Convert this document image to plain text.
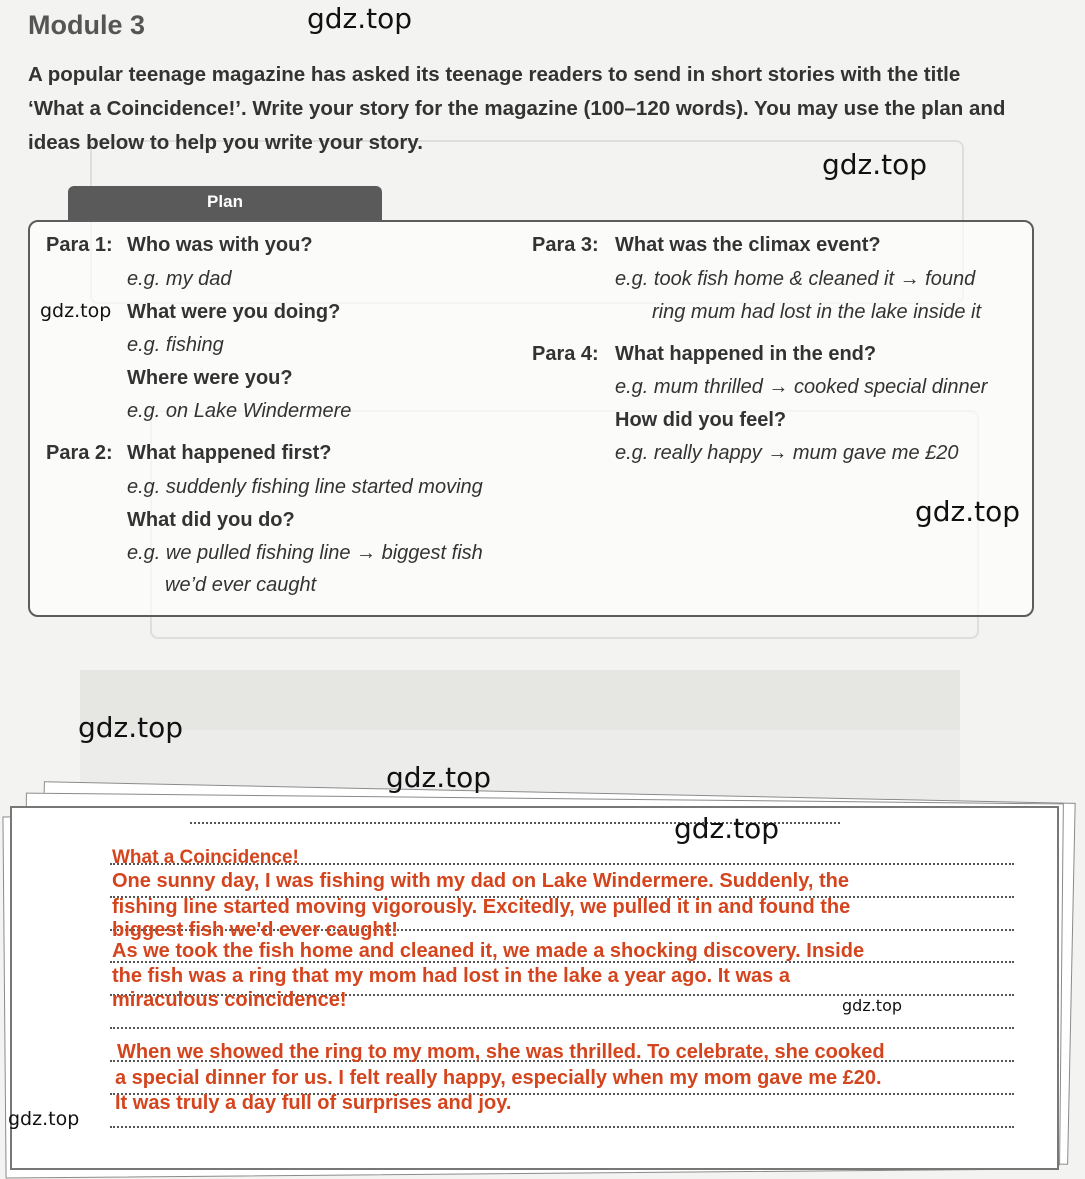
Module 3

A popular teenage magazine has asked its teenage readers to send in short stories with the title

‘What a Coincidence!’. Write your story for the magazine (100–120 words). You may use the plan and

ideas below to help you write your story.

Plan
Para 1: Who was with you?
e.g. my dad
What were you doing?
e.g. fishing
Where were you?
e.g. on Lake Windermere
Para 2: What happened first?
e.g. suddenly fishing line started moving
What did you do?
e.g. we pulled fishing line → biggest fish
we’d ever caught
Para 3: What was the climax event?
e.g. took fish home & cleaned it → found
ring mum had lost in the lake inside it
Para 4: What happened in the end?
e.g. mum thrilled → cooked special dinner
How did you feel?
e.g. really happy → mum gave me £20
What a Coincidence!
One sunny day, I was fishing with my dad on Lake Windermere. Suddenly, the
fishing line started moving vigorously. Excitedly, we pulled it in and found the
biggest fish we'd ever caught!
As we took the fish home and cleaned it, we made a shocking discovery. Inside
the fish was a ring that my mom had lost in the lake a year ago. It was a
miraculous coincidence!
When we showed the ring to my mom, she was thrilled. To celebrate, she cooked
a special dinner for us. I felt really happy, especially when my mom gave me £20.
It was truly a day full of surprises and joy.
gdz.top
gdz.top
gdz.top
gdz.top
gdz.top
gdz.top
gdz.top
gdz.top
gdz.top
